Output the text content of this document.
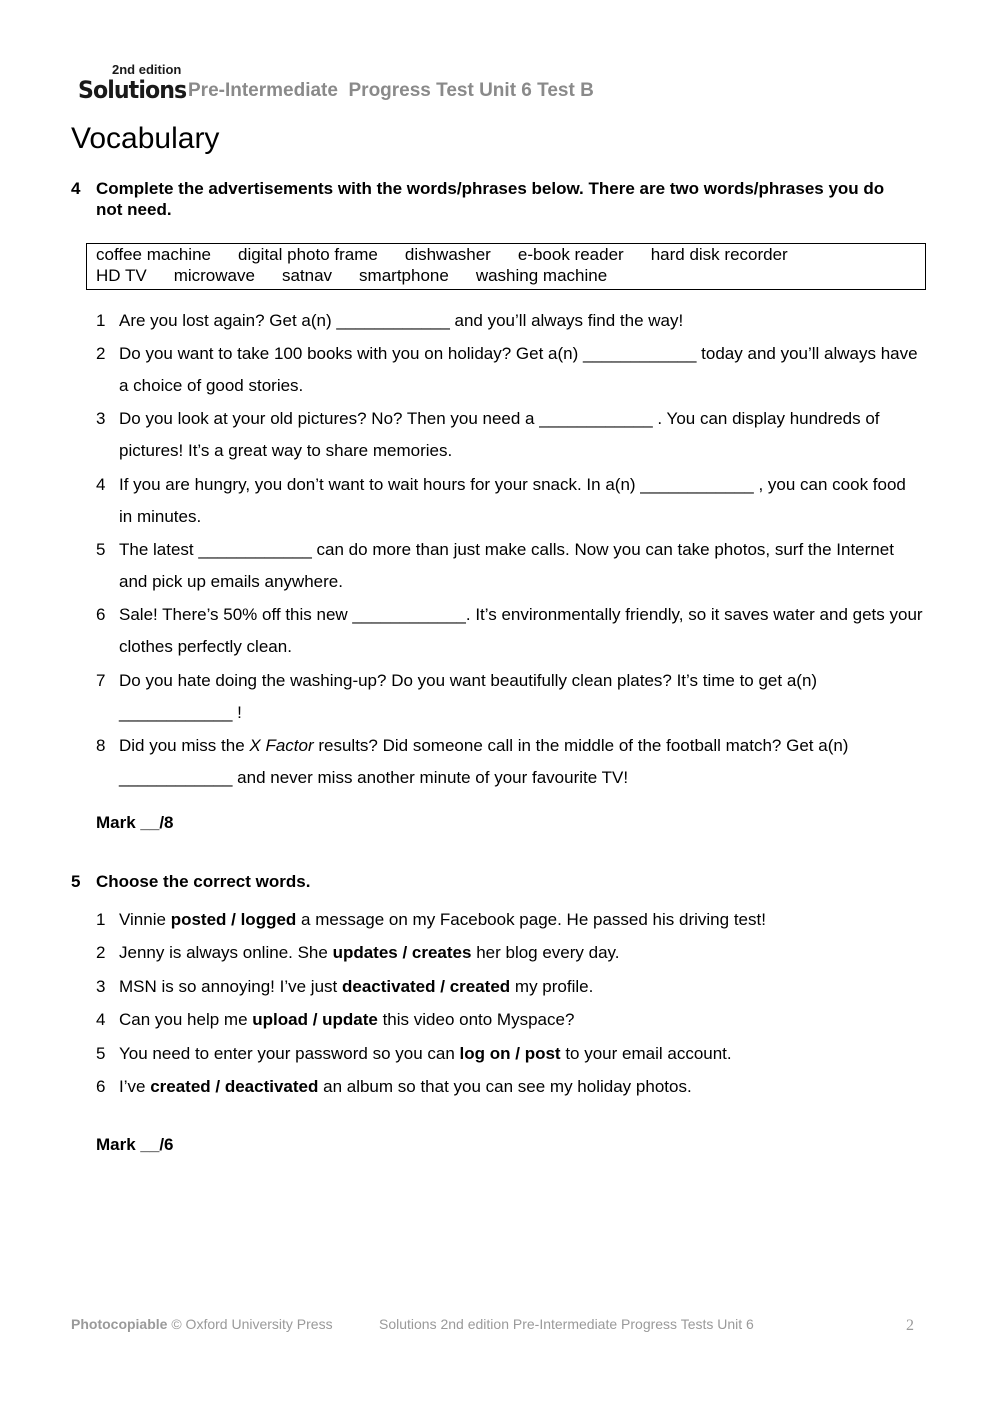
2nd edition
Solutions Pre-Intermediate  Progress Test Unit 6 Test B
Vocabulary
4 Complete the advertisements with the words/phrases below. There are two words/phrases you do not need.
coffee machine digital photo frame dishwasher e-book reader hard disk recorder
HD TV microwave satnav smartphone washing machine
1 Are you lost again? Get a(n) ____________ and you’ll always find the way!
2 Do you want to take 100 books with you on holiday? Get a(n) ____________ today and you’ll always have a choice of good stories.
3 Do you look at your old pictures? No? Then you need a ____________ . You can display hundreds of pictures! It’s a great way to share memories.
4 If you are hungry, you don’t want to wait hours for your snack. In a(n) ____________ , you can cook food in minutes.
5 The latest ____________ can do more than just make calls. Now you can take photos, surf the Internet and pick up emails anywhere.
6 Sale! There’s 50% off this new ____________. It’s environmentally friendly, so it saves water and gets your clothes perfectly clean.
7 Do you hate doing the washing-up? Do you want beautifully clean plates? It’s time to get a(n) ____________ !
8 Did you miss the X Factor results? Did someone call in the middle of the football match? Get a(n) ____________ and never miss another minute of your favourite TV!
Mark __/8
5 Choose the correct words.
1 Vinnie posted / logged a message on my Facebook page. He passed his driving test!
2 Jenny is always online. She updates / creates her blog every day.
3 MSN is so annoying! I’ve just deactivated / created my profile.
4 Can you help me upload / update this video onto Myspace?
5 You need to enter your password so you can log on / post to your email account.
6 I’ve created / deactivated an album so that you can see my holiday photos.
Mark __/6
Photocopiable © Oxford University Press	Solutions 2nd edition Pre-Intermediate Progress Tests Unit 6	2
